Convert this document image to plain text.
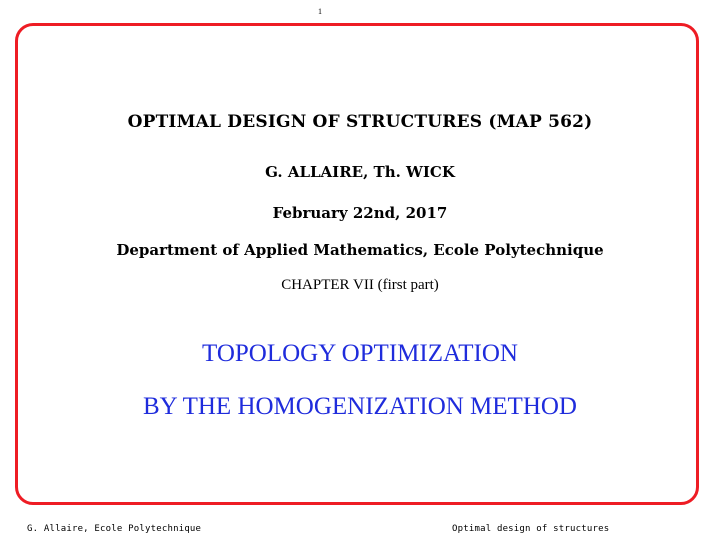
1
OPTIMAL DESIGN OF STRUCTURES (MAP 562)
G. ALLAIRE, Th. WICK
February 22nd, 2017
Department of Applied Mathematics, Ecole Polytechnique
CHAPTER VII (first part)
TOPOLOGY OPTIMIZATION
BY THE HOMOGENIZATION METHOD
G. Allaire, Ecole Polytechnique	Optimal design of structures
